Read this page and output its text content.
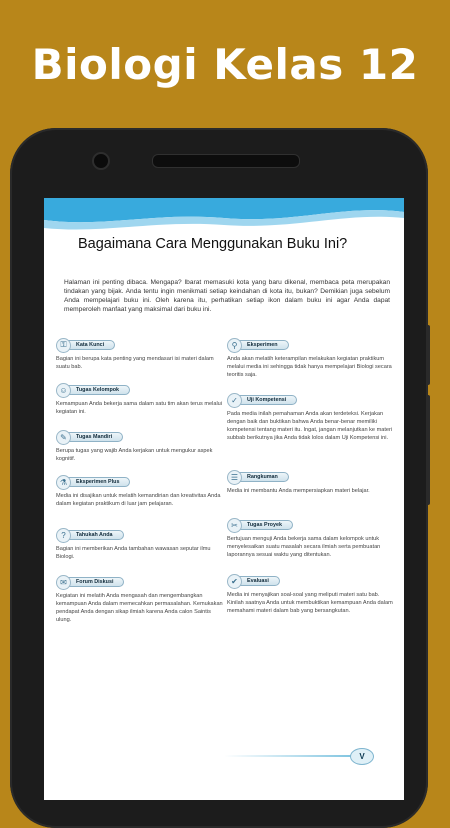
Biologi Kelas 12
Bagaimana Cara Menggunakan Buku Ini?
Halaman ini penting dibaca. Mengapa? Ibarat memasuki kota yang baru dikenal, membaca peta merupakan tindakan yang bijak. Anda tentu ingin menikmati setiap keindahan di kota itu, bukan? Demikian juga sebelum Anda mempelajari buku ini. Oleh karena itu, perhatikan setiap ikon dalam buku ini agar Anda dapat memperoleh manfaat yang maksimal dari buku ini.
⚿	Kata Kunci
Bagian ini berupa kata penting yang mendasari isi materi dalam suatu bab.
☺	Tugas Kelompok
Kemampuan Anda bekerja sama dalam satu tim akan terus melalui kegiatan ini.
✎	Tugas Mandiri
Berupa tugas yang wajib Anda kerjakan untuk mengukur aspek kognitif.
⚗	Eksperimen Plus
Media ini disajikan untuk melatih kemandirian dan kreativitas Anda dalam kegiatan praktikum di luar jam pelajaran.
?	Tahukah Anda
Bagian ini memberikan Anda tambahan wawasan seputar ilmu Biologi.
✉	Forum Diskusi
Kegiatan ini melatih Anda mengasah dan mengembangkan kemampuan Anda dalam memecahkan permasalahan. Kemukakan pendapat Anda dengan sikap ilmiah karena Anda calon Saintis ulung.
⚲	Eksperimen
Anda akan melatih keterampilan melakukan kegiatan praktikum melalui media ini sehingga tidak hanya mempelajari Biologi secara teoritis saja.
✓	Uji Kompetensi
Pada media inilah pemahaman Anda akan terdeteksi. Kerjakan dengan baik dan buktikan bahwa Anda benar-benar memiliki kompetensi tentang materi itu. Ingat, jangan melanjutkan ke materi subbab berikutnya jika Anda tidak lolos dalam Uji Kompetensi ini.
☰	Rangkuman
Media ini membantu Anda mempersiapkan materi belajar.
✂	Tugas Proyek
Bertujuan menguji Anda bekerja sama dalam kelompok untuk menyelesaikan suatu masalah secara ilmiah serta pembuatan laporannya sesuai waktu yang ditentukan.
✔	Evaluasi
Media ini menyajikan soal-soal yang meliputi materi satu bab. Kinilah saatnya Anda untuk membuktikan kemampuan Anda dalam memahami materi dalam bab yang bersangkutan.
V
